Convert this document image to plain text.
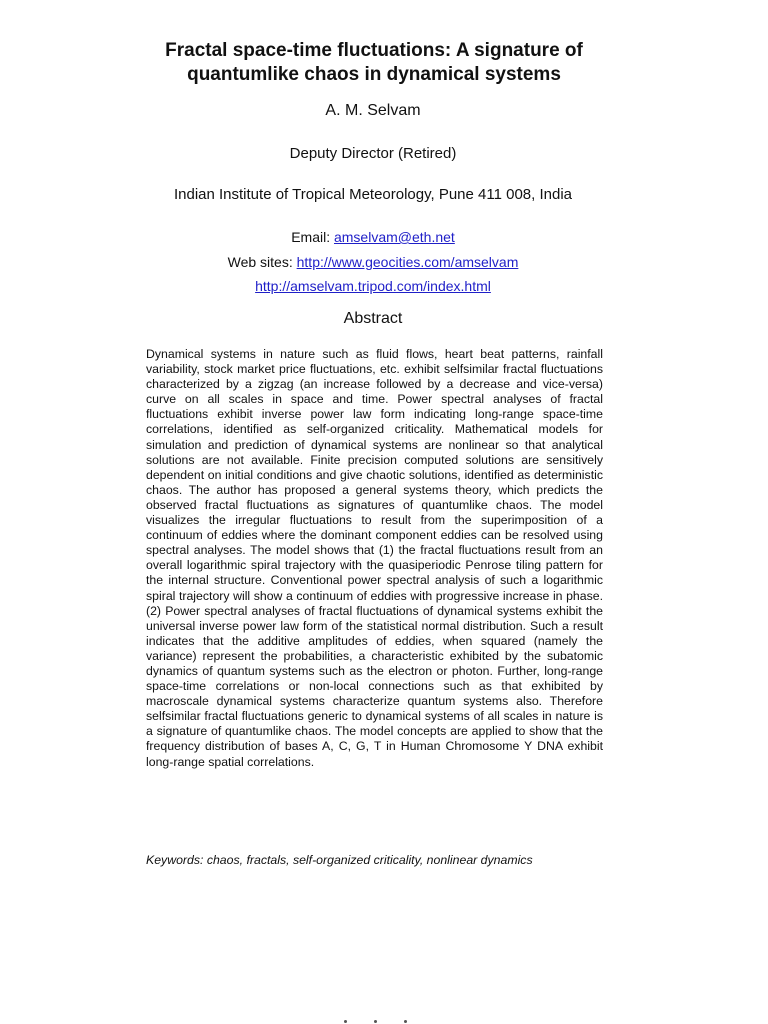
Fractal space-time fluctuations: A signature of
quantumlike chaos in dynamical systems
A. M. Selvam
Deputy Director (Retired)
Indian Institute of Tropical Meteorology, Pune 411 008, India
Email: amselvam@eth.net
Web sites: http://www.geocities.com/amselvam
http://amselvam.tripod.com/index.html
Abstract

Dynamical systems in nature such as fluid flows, heart beat patterns, rainfall variability, stock market price fluctuations, etc. exhibit selfsimilar fractal fluctuations characterized by a zigzag (an increase followed by a decrease and vice-versa) curve on all scales in space and time. Power spectral analyses of fractal fluctuations exhibit inverse power law form indicating long-range space-time correlations, identified as self-organized criticality. Mathematical models for simulation and prediction of dynamical systems are nonlinear so that analytical solutions are not available. Finite precision computed solutions are sensitively dependent on initial conditions and give chaotic solutions, identified as deterministic chaos. The author has proposed a general systems theory, which predicts the observed fractal fluctuations as signatures of quantumlike chaos. The model visualizes the irregular fluctuations to result from the superimposition of a continuum of eddies where the dominant component eddies can be resolved using spectral analyses. The model shows that (1) the fractal fluctuations result from an overall logarithmic spiral trajectory with the quasiperiodic Penrose tiling pattern for the internal structure. Conventional power spectral analysis of such a logarithmic spiral trajectory will show a continuum of eddies with progressive increase in phase. (2) Power spectral analyses of fractal fluctuations of dynamical systems exhibit the universal inverse power law form of the statistical normal distribution. Such a result indicates that the additive amplitudes of eddies, when squared (namely the variance) represent the probabilities, a characteristic exhibited by the subatomic dynamics of quantum systems such as the electron or photon. Further, long-range space-time correlations or non-local connections such as that exhibited by macroscale dynamical systems characterize quantum systems also. Therefore selfsimilar fractal fluctuations generic to dynamical systems of all scales in nature is a signature of quantumlike chaos. The model concepts are applied to show that the frequency distribution of bases A, C, G, T in Human Chromosome Y DNA exhibit long-range spatial correlations.

Keywords: chaos, fractals, self-organized criticality, nonlinear dynamics
